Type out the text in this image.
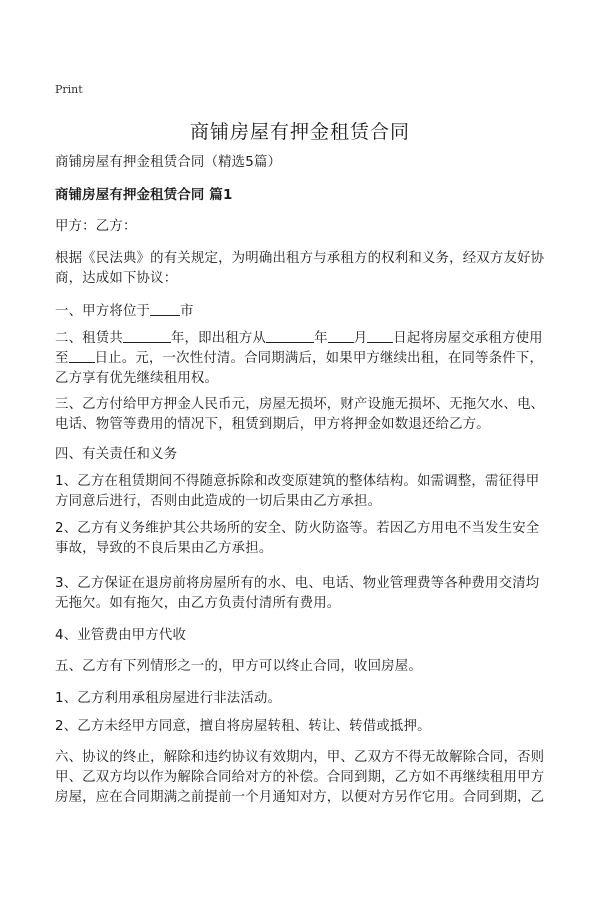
Print
商铺房屋有押金租赁合同
商铺房屋有押金租赁合同（精选5篇）
商铺房屋有押金租赁合同 篇1
甲方：乙方：
根据《民法典》的有关规定，为明确出租方与承租方的权利和义务，经双方友好协商，达成如下协议：
一、甲方将位于 市
二、租赁共	年，即出租方从	年 月 日起将房屋交承租方使用至 日止。元，一次性付清。合同期满后，如果甲方继续出租，在同等条件下，乙方享有优先继续租用权。
三、乙方付给甲方押金人民币元，房屋无损坏，财产设施无损坏、无拖欠水、电、电话、物管等费用的情况下，租赁到期后，甲方将押金如数退还给乙方。
四、有关责任和义务
1、乙方在租赁期间不得随意拆除和改变原建筑的整体结构。如需调整，需征得甲方同意后进行，否则由此造成的一切后果由乙方承担。
2、乙方有义务维护其公共场所的安全、防火防盗等。若因乙方用电不当发生安全事故，导致的不良后果由乙方承担。
3、乙方保证在退房前将房屋所有的水、电、电话、物业管理费等各种费用交清均无拖欠。如有拖欠，由乙方负责付清所有费用。
4、业管费由甲方代收
五、乙方有下列情形之一的，甲方可以终止合同，收回房屋。
1、乙方利用承租房屋进行非法活动。
2、乙方未经甲方同意，擅自将房屋转租、转让、转借或抵押。
六、协议的终止，解除和违约协议有效期内，甲、乙双方不得无故解除合同，否则甲、乙双方均以作为解除合同给对方的补偿。合同到期，乙方如不再继续租用甲方房屋，应在合同期满之前提前一个月通知对方，以便对方另作它用。合同到期，乙
